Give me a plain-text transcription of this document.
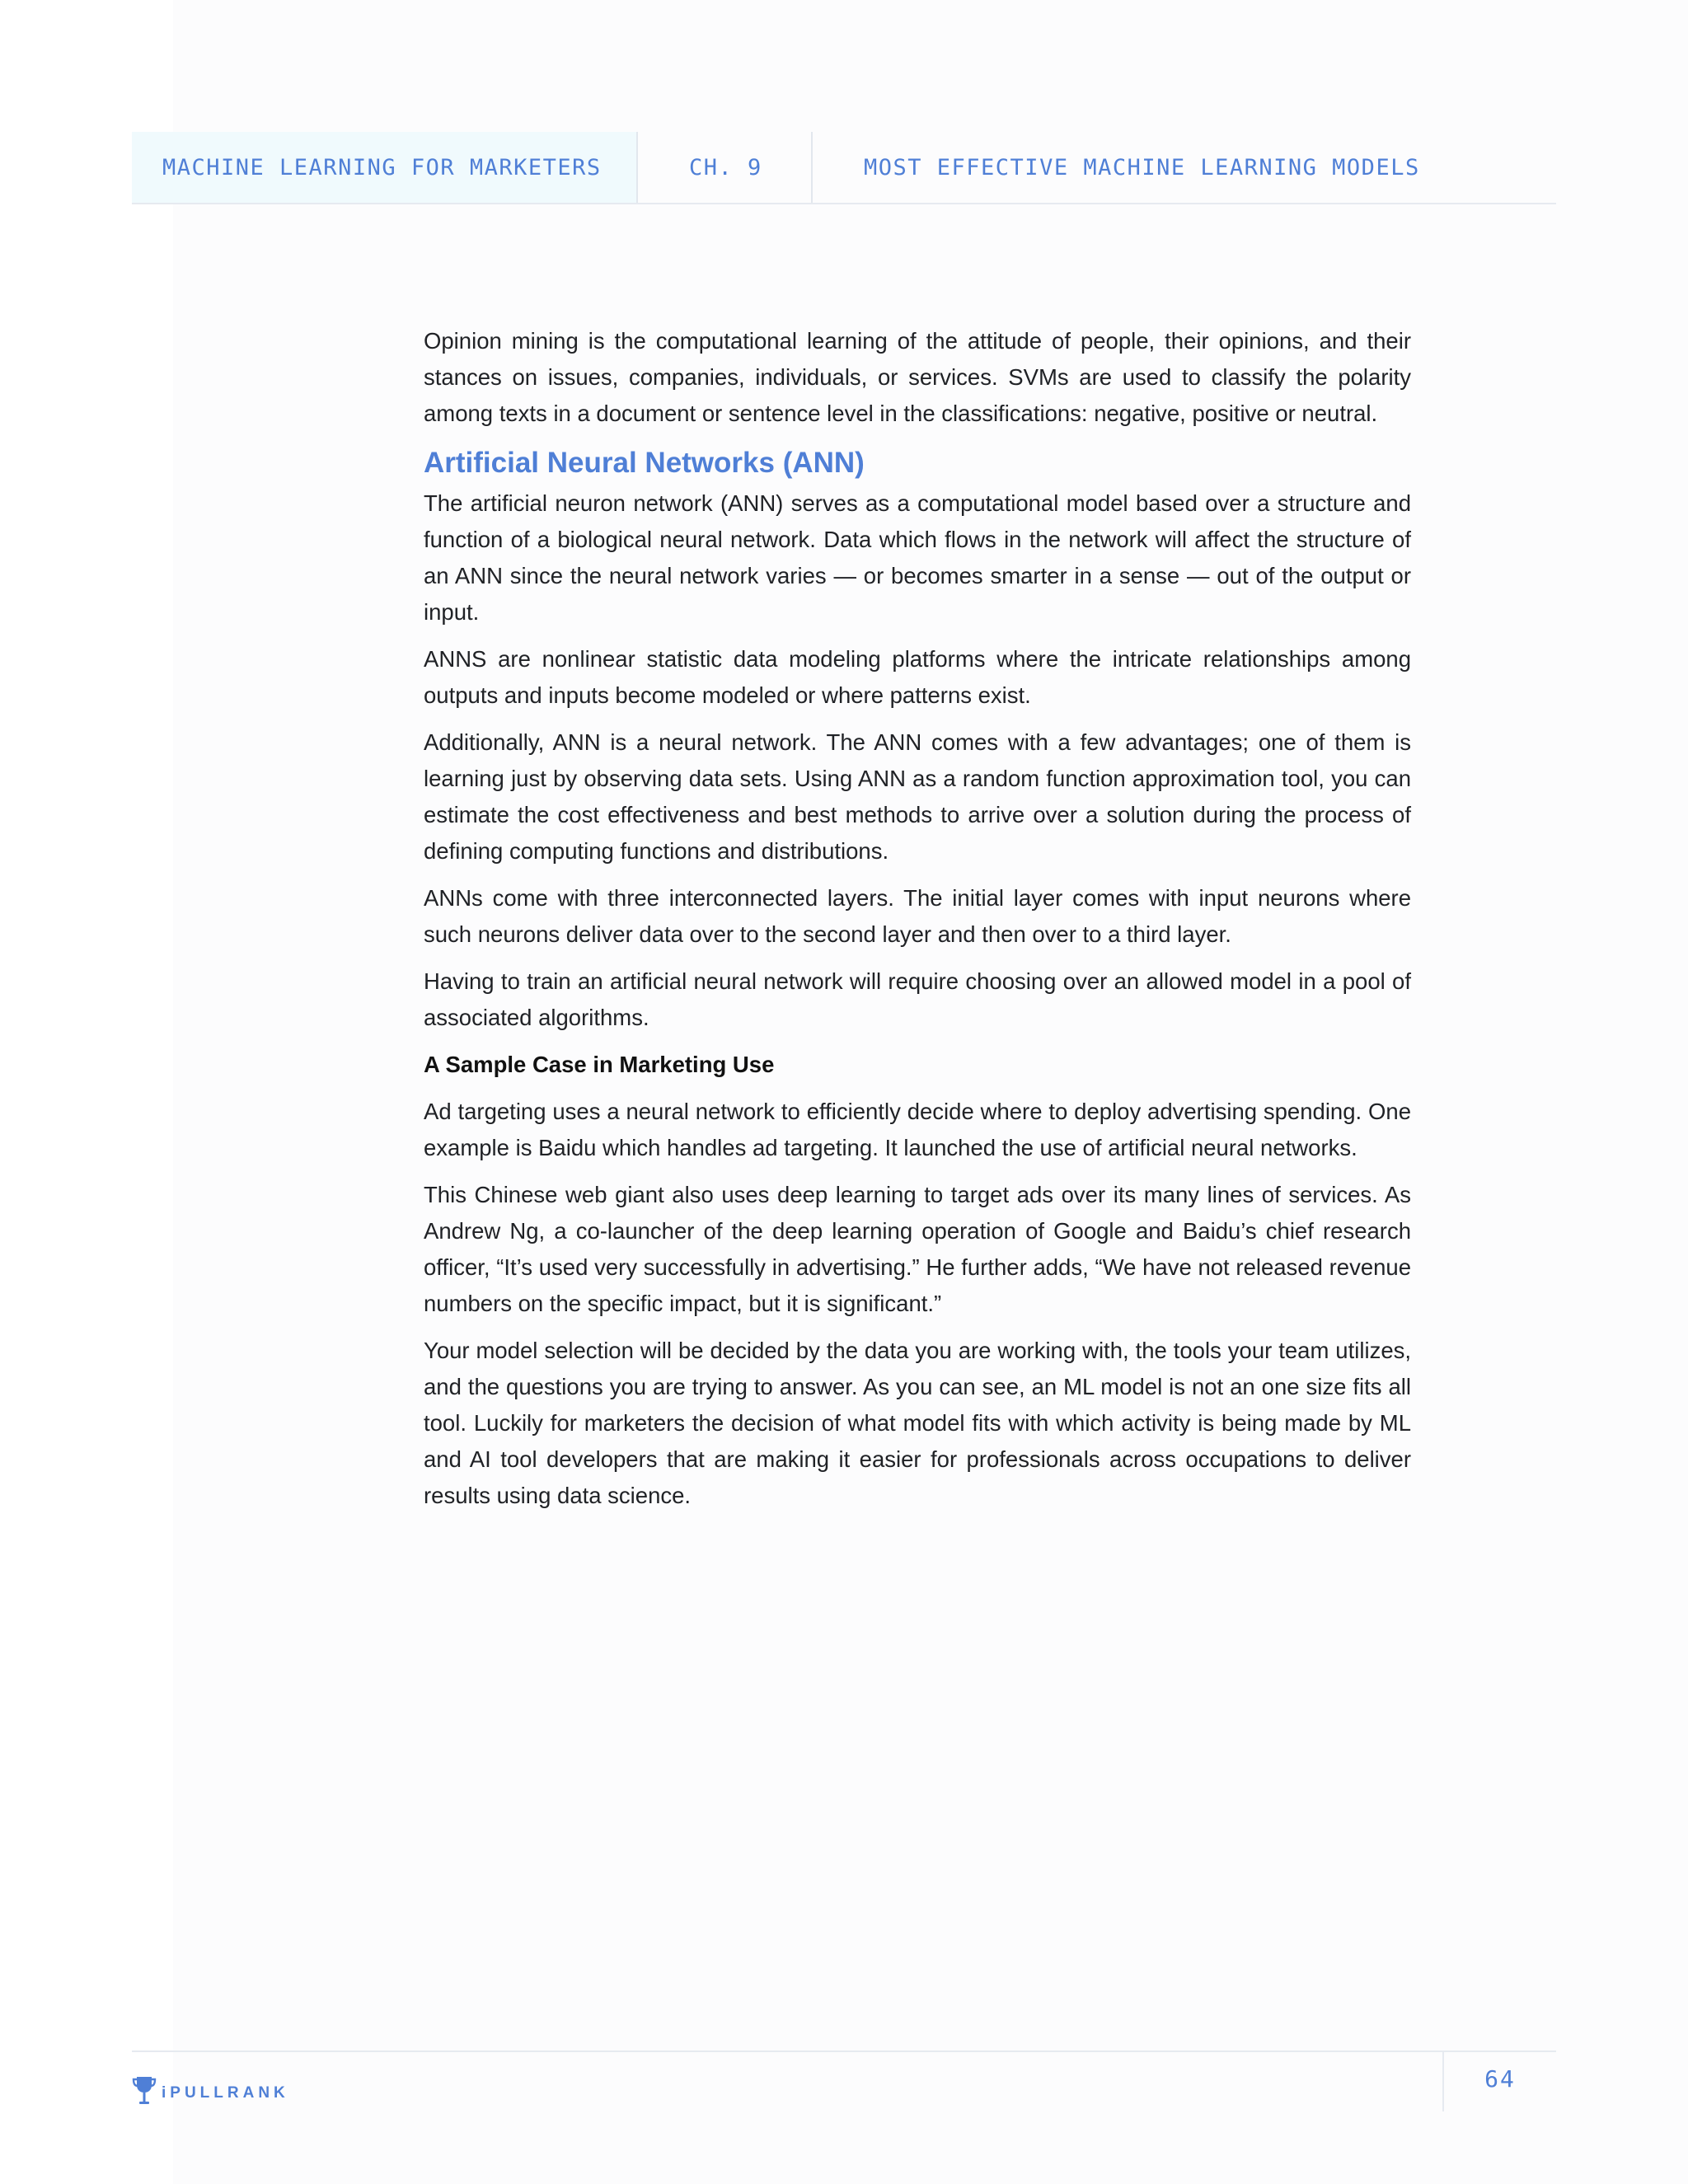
MACHINE LEARNING FOR MARKETERS	CH. 9	MOST EFFECTIVE MACHINE LEARNING MODELS

Opinion mining is the computational learning of the attitude of people, their opinions, and their stances on issues, companies, individuals, or services. SVMs are used to classify the polarity among texts in a document or sentence level in the classifications: negative, positive or neutral.

Artificial Neural Networks (ANN)

The artificial neuron network (ANN) serves as a computational model based over a structure and function of a biological neural network. Data which flows in the network will affect the structure of an ANN since the neural network varies — or becomes smarter in a sense — out of the output or input.

ANNS are nonlinear statistic data modeling platforms where the intricate relationships among outputs and inputs become modeled or where patterns exist.

Additionally, ANN is a neural network. The ANN comes with a few advantages; one of them is learning just by observing data sets. Using ANN as a random function approximation tool, you can estimate the cost effectiveness and best methods to arrive over a solution during the process of defining computing functions and distributions.

ANNs come with three interconnected layers. The initial layer comes with input neurons where such neurons deliver data over to the second layer and then over to a third layer.

Having to train an artificial neural network will require choosing over an allowed model in a pool of associated algorithms.

A Sample Case in Marketing Use

Ad targeting uses a neural network to efficiently decide where to deploy advertising spending. One example is Baidu which handles ad targeting. It launched the use of artificial neural networks.

This Chinese web giant also uses deep learning to target ads over its many lines of services. As Andrew Ng, a co-launcher of the deep learning operation of Google and Baidu’s chief research officer, “It’s used very successfully in advertising.” He further adds, “We have not released revenue numbers on the specific impact, but it is significant.”

Your model selection will be decided by the data you are working with, the tools your team utilizes, and the questions you are trying to answer. As you can see, an ML model is not an one size fits all tool. Luckily for marketers the decision of what model fits with which activity is being made by ML and AI tool developers that are making it easier for professionals across occupations to deliver results using data science.

iPULLRANK	64
